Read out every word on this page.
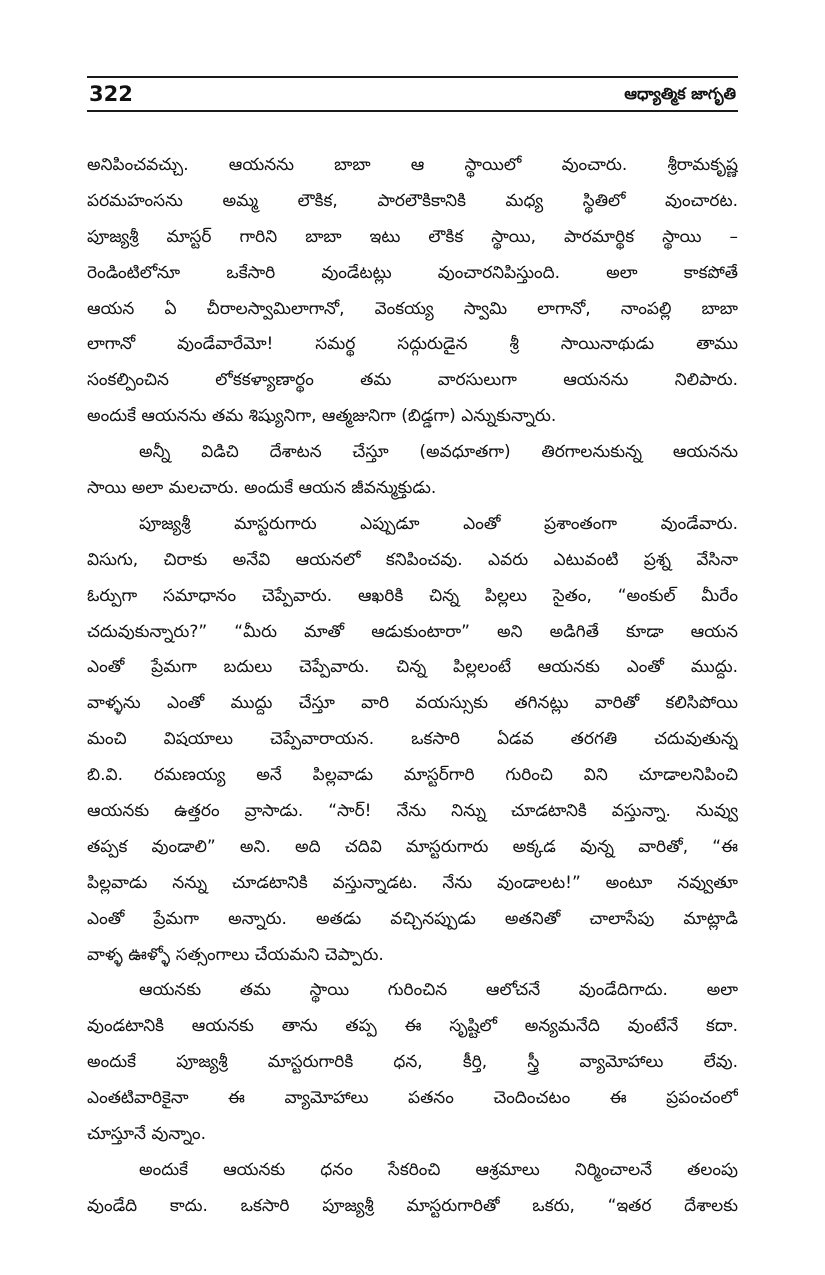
322	ఆధ్యాత్మిక జాగృతి
అనిపించవచ్చు. ఆయనను బాబా ఆ స్థాయిలో వుంచారు. శ్రీరామకృష్ణ
పరమహంసను అమ్మ లౌకిక, పారలౌకికానికి మధ్య స్థితిలో వుంచారట.
పూజ్యశ్రీ మాస్టర్ గారిని బాబా ఇటు లౌకిక స్థాయి, పారమార్థిక స్థాయి –
రెండింటిలోనూ ఒకేసారి వుండేటట్లు వుంచారనిపిస్తుంది. అలా కాకపోతే
ఆయన ఏ చీరాలస్వామిలాగానో, వెంకయ్య స్వామి లాగానో, నాంపల్లి బాబా
లాగానో వుండేవారేమో! సమర్థ సద్గురుడైన శ్రీ సాయినాథుడు తాము
సంకల్పించిన లోకకళ్యాణార్థం తమ వారసులుగా ఆయనను నిలిపారు.
అందుకే ఆయనను తమ శిష్యునిగా, ఆత్మజునిగా (బిడ్డగా) ఎన్నుకున్నారు.
అన్నీ విడిచి దేశాటన చేస్తూ (అవధూతగా) తిరగాలనుకున్న ఆయనను
సాయి అలా మలచారు. అందుకే ఆయన జీవన్ముక్తుడు.
పూజ్యశ్రీ మాస్టరుగారు ఎప్పుడూ ఎంతో ప్రశాంతంగా వుండేవారు.
విసుగు, చిరాకు అనేవి ఆయనలో కనిపించవు. ఎవరు ఎటువంటి ప్రశ్న వేసినా
ఓర్పుగా సమాధానం చెప్పేవారు. ఆఖరికి చిన్న పిల్లలు సైతం, “అంకుల్ మీరేం
చదువుకున్నారు?” “మీరు మాతో ఆడుకుంటారా” అని అడిగితే కూడా ఆయన
ఎంతో ప్రేమగా బదులు చెప్పేవారు. చిన్న పిల్లలంటే ఆయనకు ఎంతో ముద్దు.
వాళ్ళను ఎంతో ముద్దు చేస్తూ వారి వయస్సుకు తగినట్లు వారితో కలిసిపోయి
మంచి విషయాలు చెప్పేవారాయన. ఒకసారి ఏడవ తరగతి చదువుతున్న
బి.వి. రమణయ్య అనే పిల్లవాడు మాస్టర్‌గారి గురించి విని చూడాలనిపించి
ఆయనకు ఉత్తరం వ్రాసాడు. “సార్! నేను నిన్ను చూడటానికి వస్తున్నా. నువ్వు
తప్పక వుండాలి” అని. అది చదివి మాస్టరుగారు అక్కడ వున్న వారితో, “ఈ
పిల్లవాడు నన్ను చూడటానికి వస్తున్నాడట. నేను వుండాలట!” అంటూ నవ్వుతూ
ఎంతో ప్రేమగా అన్నారు. అతడు వచ్చినప్పుడు అతనితో చాలాసేపు మాట్లాడి
వాళ్ళ ఊళ్ళో సత్సంగాలు చేయమని చెప్పారు.
ఆయనకు తమ స్థాయి గురించిన ఆలోచనే వుండేదిగాదు. అలా
వుండటానికి ఆయనకు తాను తప్ప ఈ సృష్టిలో అన్యమనేది వుంటేనే కదా.
అందుకే పూజ్యశ్రీ మాస్టరుగారికి ధన, కీర్తి, స్త్రీ వ్యామోహాలు లేవు.
ఎంతటివారికైనా ఈ వ్యామోహాలు పతనం చెందించటం ఈ ప్రపంచంలో
చూస్తూనే వున్నాం.
అందుకే ఆయనకు ధనం సేకరించి ఆశ్రమాలు నిర్మించాలనే తలంపు
వుండేది కాదు. ఒకసారి పూజ్యశ్రీ మాస్టరుగారితో ఒకరు, “ఇతర దేశాలకు
